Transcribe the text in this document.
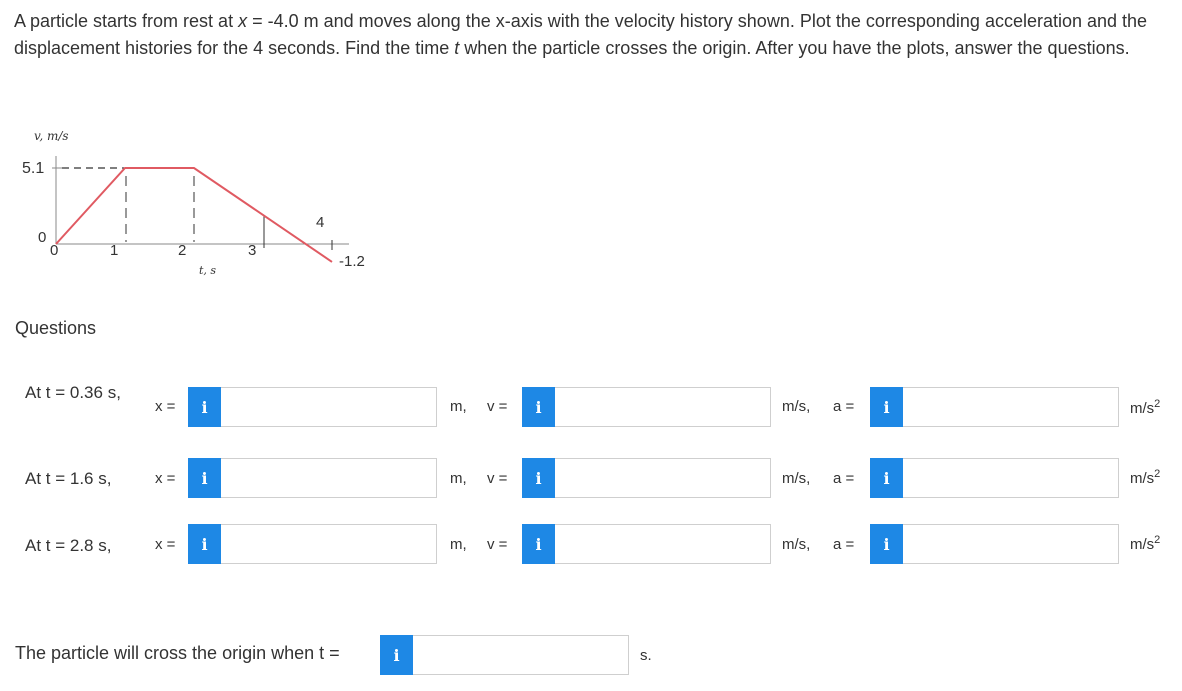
A particle starts from rest at x = -4.0 m and moves along the x-axis with the velocity history shown. Plot the corresponding acceleration and the displacement histories for the 4 seconds. Find the time t when the particle crosses the origin. After you have the plots, answer the questions.
v, m/s
5.1
0
0	1	2	3
4
-1.2
t, s
Questions
At t = 0.36 s,
x =	i	m, v =	i	m/s, a =	i	$m/s^2$
At t = 1.6 s,	x =	i	m, v =	i	m/s, a =	i	$m/s^2$
At t = 2.8 s,	x =	i	m, v =	i	m/s, a =	i	$m/s^2$
The particle will cross the origin when t =	i	s.
